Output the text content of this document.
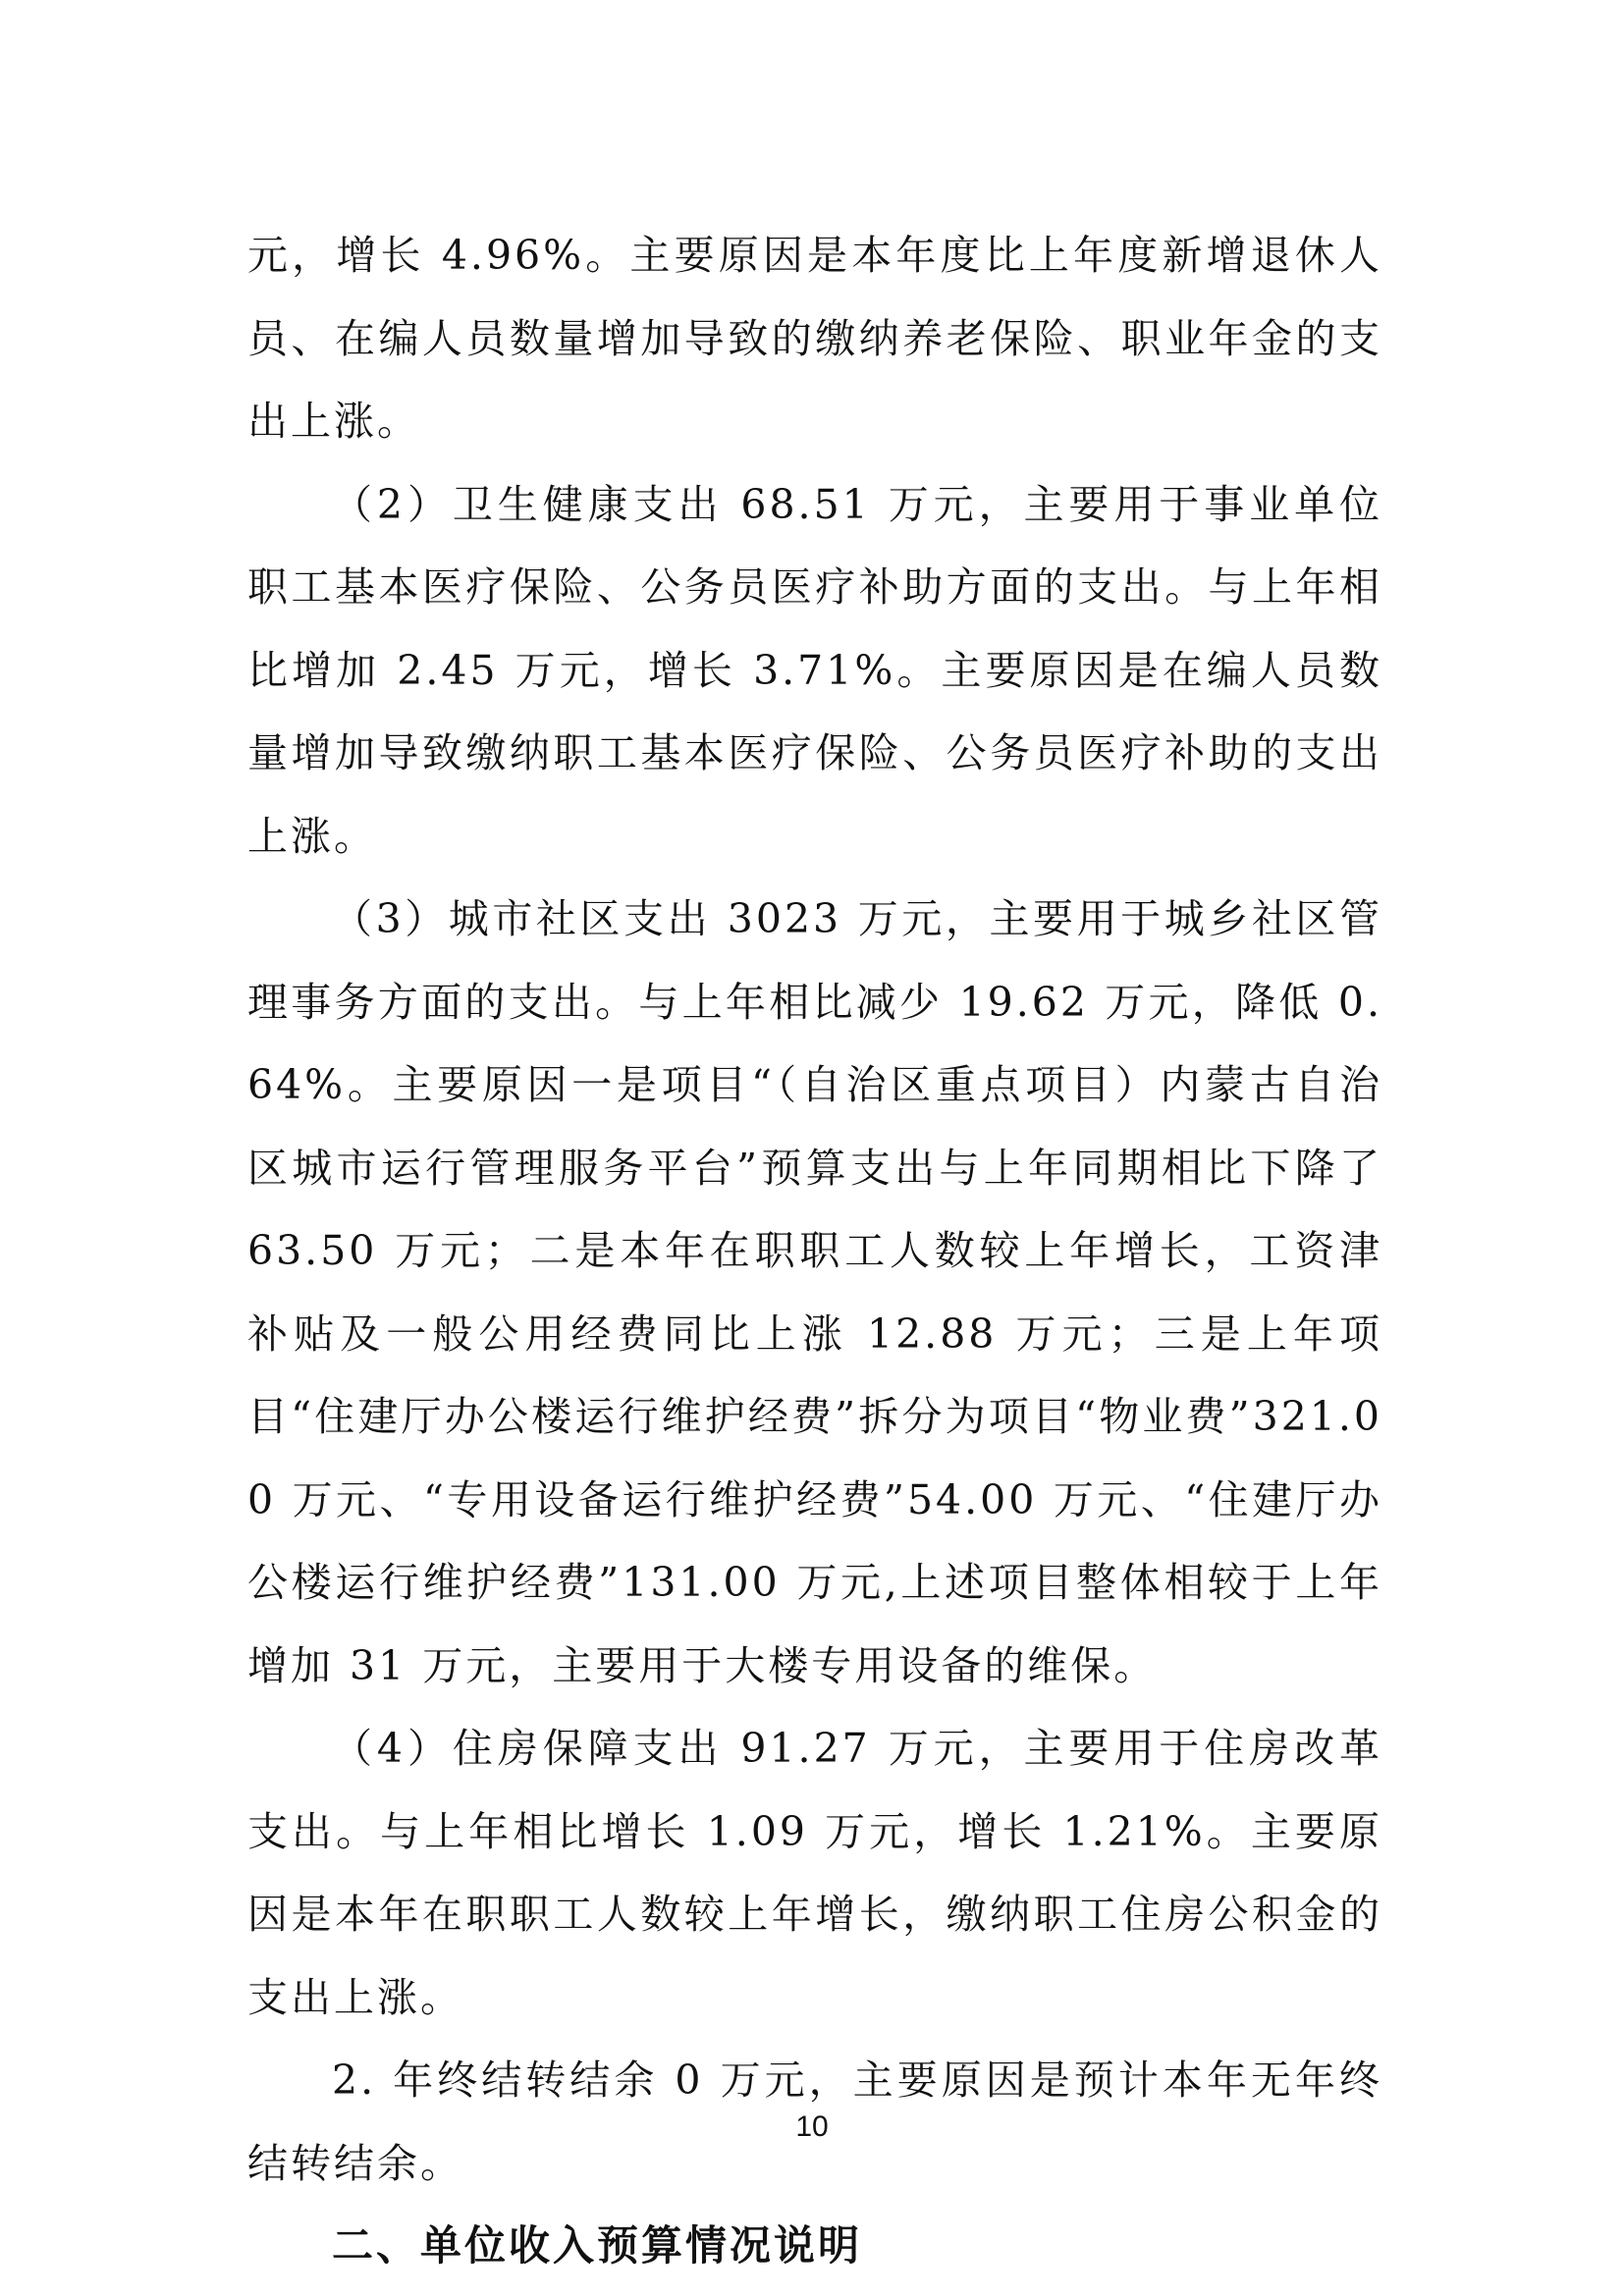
元，增长 4.96%。主要原因是本年度比上年度新增退休人员、在编人员数量增加导致的缴纳养老保险、职业年金的支出上涨。

（2）卫生健康支出 68.51 万元，主要用于事业单位职工基本医疗保险、公务员医疗补助方面的支出。与上年相比增加 2.45 万元，增长 3.71%。主要原因是在编人员数量增加导致缴纳职工基本医疗保险、公务员医疗补助的支出上涨。

（3）城市社区支出 3023 万元，主要用于城乡社区管理事务方面的支出。与上年相比减少 19.62 万元，降低 0.64%。主要原因一是项目“（自治区重点项目）内蒙古自治区城市运行管理服务平台”预算支出与上年同期相比下降了 63.50 万元；二是本年在职职工人数较上年增长，工资津补贴及一般公用经费同比上涨 12.88 万元；三是上年项目“住建厅办公楼运行维护经费”拆分为项目“物业费”321.00 万元、“专用设备运行维护经费”54.00 万元、“住建厅办公楼运行维护经费”131.00 万元,上述项目整体相较于上年增加 31 万元，主要用于大楼专用设备的维保。

（4）住房保障支出 91.27 万元，主要用于住房改革支出。与上年相比增长 1.09 万元，增长 1.21%。主要原因是本年在职职工人数较上年增长，缴纳职工住房公积金的支出上涨。

2. 年终结转结余 0 万元，主要原因是预计本年无年终结转结余。

二、单位收入预算情况说明
10
